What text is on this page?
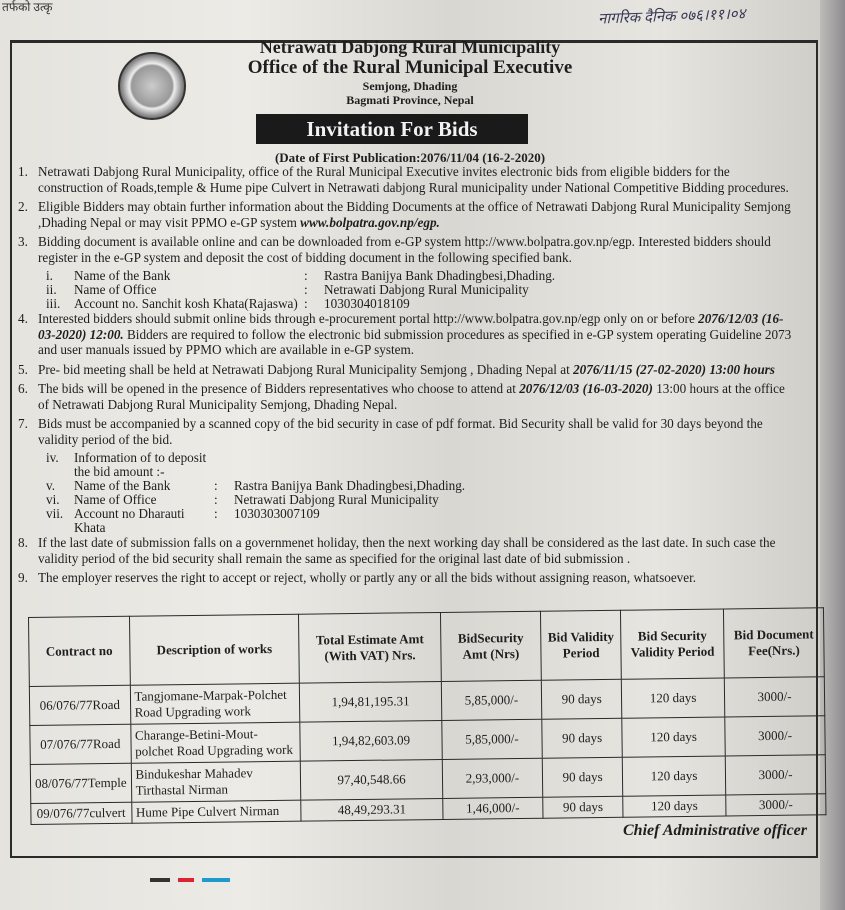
तर्फको उत्कृ	नागरिक दैनिक ०७६।११।०४
Netrawati Dabjong Rural Municipality
Office of the Rural Municipal Executive
Semjong, Dhading
Bagmati Province, Nepal
Invitation For Bids
(Date of First Publication:2076/11/04 (16-2-2020)
1. Netrawati Dabjong Rural Municipality, office of the Rural Municipal Executive invites electronic bids from eligible bidders for the construction of Roads,temple & Hume pipe Culvert in Netrawati dabjong Rural municipality under National Competitive Bidding procedures.
2. Eligible Bidders may obtain further information about the Bidding Documents at the office of Netrawati Dabjong Rural Municipality Semjong ,Dhading Nepal or may visit PPMO e-GP system www.bolpatra.gov.np/egp.
3. Bidding document is available online and can be downloaded from e-GP system http://www.bolpatra.gov.np/egp. Interested bidders should register in the e-GP system and deposit the cost of bidding document in the following specified bank.
i.	Name of the Bank	:	Rastra Banijya Bank Dhadingbesi,Dhading.
ii.	Name of Office	:	Netrawati Dabjong Rural Municipality
iii.	Account no. Sanchit kosh Khata(Rajaswa) :	1030304018109
4. Interested bidders should submit online bids through e-procurement portal http://www.bolpatra.gov.np/egp only on or before 2076/12/03 (16-03-2020) 12:00. Bidders are required to follow the electronic bid submission procedures as specified in e-GP system operating Guideline 2073 and user manuals issued by PPMO which are available in e-GP system.
5. Pre- bid meeting shall be held at Netrawati Dabjong Rural Municipality Semjong , Dhading Nepal at 2076/11/15 (27-02-2020) 13:00 hours
6. The bids will be opened in the presence of Bidders representatives who choose to attend at 2076/12/03 (16-03-2020) 13:00 hours at the office of Netrawati Dabjong Rural Municipality Semjong, Dhading Nepal.
7. Bids must be accompanied by a scanned copy of the bid security in case of pdf format. Bid Security shall be valid for 30 days beyond the validity period of the bid.
iv.	Information of to deposit the bid amount :-
v.	Name of the Bank	:	Rastra Banijya Bank Dhadingbesi,Dhading.
vi.	Name of Office	:	Netrawati Dabjong Rural Municipality
vii. Account no Dharauti Khata
:	1030303007109
8. If the last date of submission falls on a governmenet holiday, then the next working day shall be considered as the last date. In such case the validity period of the bid security shall remain the same as specified for the original last date of bid submission .
9. The employer reserves the right to accept or reject, wholly or partly any or all the bids without assigning reason, whatsoever.
Contract no	Description of works	Total Estimate Amt (With VAT) Nrs.	BidSecurity Amt (Nrs)	Bid Validity Period	Bid Security Validity Period	Bid Document Fee(Nrs.)
06/076/77Road	Tangjomane-Marpak-Polchet Road Upgrading work	1,94,81,195.31	5,85,000/-	90 days	120 days	3000/-
07/076/77Road	Charange-Betini-Mout-polchet Road Upgrading work	1,94,82,603.09	5,85,000/-	90 days	120 days	3000/-
08/076/77Temple	Bindukeshar Mahadev Tirthastal Nirman	97,40,548.66	2,93,000/-	90 days	120 days	3000/-
09/076/77culvert	Hume Pipe Culvert Nirman	48,49,293.31	1,46,000/-	90 days	120 days	3000/-
Chief Administrative officer
